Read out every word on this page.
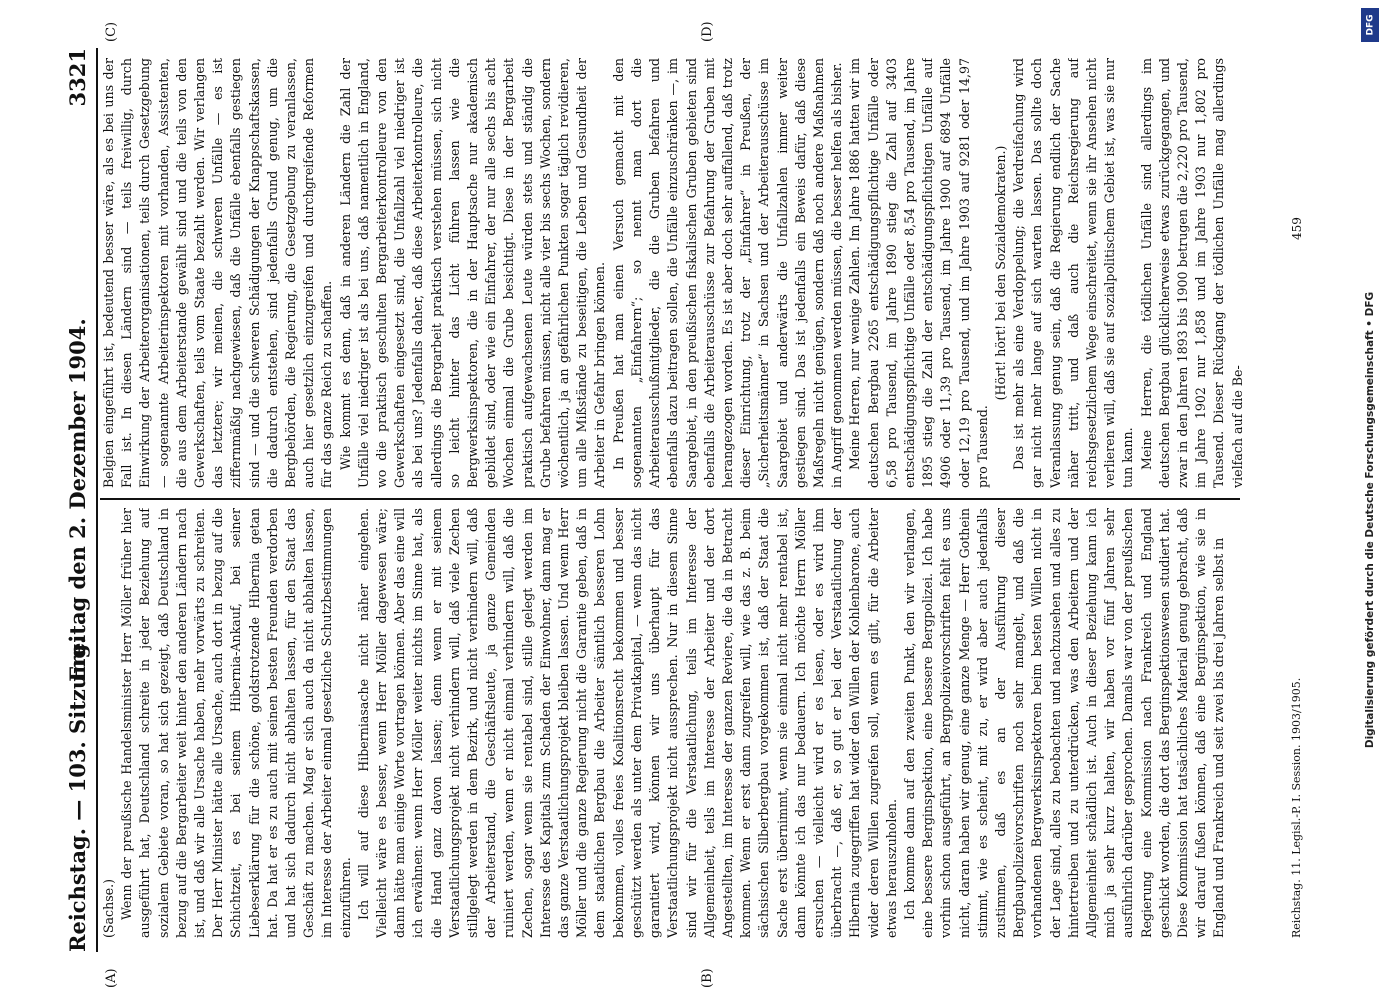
Reichstag. — 103. Sitzung.
Freitag den 2. Dezember 1904.
3321
(A)	(B)
(C)	(D)

(Sachse.) Wenn der preußische Handelsminister Herr Möller früher hier ausgeführt hat, Deutschland schreite in jeder Beziehung auf sozialem Gebiete voran, so hat sich gezeigt, daß Deutschland in bezug auf die Bergarbeiter weit hinter den anderen Ländern nach ist, und daß wir alle Ursache haben, mehr vorwärts zu schreiten. Der Herr Minister hätte alle Ursache, auch dort in bezug auf die Schichtzeit, es bei seinem Hibernia-Ankauf, bei seiner Liebeserklärung für die schöne, goldstrotzende Hibernia getan hat. Da hat er es zu auch mit seinen besten Freunden verdorben und hat sich dadurch nicht abhalten lassen, für den Staat das Geschäft zu machen. Mag er sich auch da nicht abhalten lassen, im Interesse der Arbeiter einmal gesetzliche Schutzbestimmungen einzuführen. Ich will auf diese Hiberniasache nicht näher eingehen. Vielleicht wäre es besser, wenn Herr Möller dagewesen wäre; dann hätte man einige Worte vortragen können. Aber das eine will ich erwähnen: wenn Herr Möller weiter nichts im Sinne hat, als die Hand ganz davon lassen; denn wenn er mit seinem Verstaatlichungsprojekt nicht verhindern will, daß viele Zechen stillgelegt werden in dem Bezirk, und nicht verhindern will, daß der Arbeiterstand, die Geschäftsleute, ja ganze Gemeinden ruiniert werden, wenn er nicht einmal verhindern will, daß die Zechen, sogar wenn sie rentabel sind, stille gelegt werden im Interesse des Kapitals zum Schaden der Einwohner, dann mag er das ganze Verstaatlichungsprojekt bleiben lassen. Und wenn Herr Möller und die ganze Regierung nicht die Garantie geben, daß in dem staatlichen Bergbau die Arbeiter sämtlich besseren Lohn bekommen, volles freies Koalitionsrecht bekommen und besser geschützt werden als unter dem Privatkapital, — wenn das nicht garantiert wird, können wir uns überhaupt für das Verstaatlichungsprojekt nicht aussprechen. Nur in diesem Sinne sind wir für die Verstaatlichung, teils im Interesse der Allgemeinheit, teils im Interesse der Arbeiter und der dort Angestellten, im Interesse der ganzen Reviere, die da in Betracht kommen. Wenn er erst dann zugreifen will, wie das z. B. beim sächsischen Silberbergbau vorgekommen ist, daß der Staat die Sache erst übernimmt, wenn sie einmal nicht mehr rentabel ist, dann könnte ich das nur bedauern. Ich möchte Herrn Möller ersuchen — vielleicht wird er es lesen, oder es wird ihm überbracht —, daß er, so gut er bei der Verstaatlichung der Hibernia zugegriffen hat wider den Willen der Kohlenbarone, auch wider deren Willen zugreifen soll, wenn es gilt, für die Arbeiter etwas herauszuholen. Ich komme dann auf den zweiten Punkt, den wir verlangen, eine bessere Berginspektion, eine bessere Bergpolizei. Ich habe vorhin schon ausgeführt, an Bergpolizeivorschriften fehlt es uns nicht, daran haben wir genug, eine ganze Menge — Herr Gothein stimmt, wie es scheint, mit zu, er wird aber auch jedenfalls zustimmen, daß es an der Ausführung dieser Bergbaupolizeivorschriften noch sehr mangelt, und daß die vorhandenen Bergwerksinspektoren beim besten Willen nicht in der Lage sind, alles zu beobachten und nachzusehen und alles zu hintertreiben und zu unterdrücken, was den Arbeitern und der Allgemeinheit schädlich ist. Auch in dieser Beziehung kann ich mich ja sehr kurz halten, wir haben vor fünf Jahren sehr ausführlich darüber gesprochen. Damals war von der preußischen Regierung eine Kommission nach Frankreich und England geschickt worden, die dort das Berginspektionswesen studiert hat. Diese Kommission hat tatsächliches Material genug gebracht, daß wir darauf fußen können, daß eine Berginspektion, wie sie in England und Frankreich und seit zwei bis drei Jahren selbst in

Belgien eingeführt ist, bedeutend besser wäre, als es bei uns der Fall ist. In diesen Ländern sind — teils freiwillig, durch Einwirkung der Arbeiterorganisationen, teils durch Gesetzgebung — sogenannte Arbeiterinspektoren mit vorhanden, Assistenten, die aus dem Arbeiterstande gewählt sind und die teils von den Gewerkschaften, teils vom Staate bezahlt werden. Wir verlangen das letztere; wir meinen, die schweren Unfälle — es ist ziffernmäßig nachgewiesen, daß die Unfälle ebenfalls gestiegen sind — und die schweren Schädigungen der Knappschaftskassen, die dadurch entstehen, sind jedenfalls Grund genug, um die Bergbehörden, die Regierung, die Gesetzgebung zu veranlassen, auch hier gesetzlich einzugreifen und durchgreifende Reformen für das ganze Reich zu schaffen. Wie kommt es denn, daß in anderen Ländern die Zahl der Unfälle viel niedriger ist als bei uns, daß namentlich in England, wo die praktisch geschulten Bergarbeiterkontrolleure von den Gewerkschaften eingesetzt sind, die Unfallzahl viel niedriger ist als bei uns? Jedenfalls daher, daß diese Arbeiterkontrolleure, die allerdings die Bergarbeit praktisch verstehen müssen, sich nicht so leicht hinter das Licht führen lassen wie die Bergwerksinspektoren, die in der Hauptsache nur akademisch gebildet sind, oder wie ein Einfahrer, der nur alle sechs bis acht Wochen einmal die Grube besichtigt. Diese in der Bergarbeit praktisch aufgewachsenen Leute würden stets und ständig die Grube befahren müssen, nicht alle vier bis sechs Wochen, sondern wöchentlich, ja an gefährlichen Punkten sogar täglich revidieren, um alle Mißstände zu beseitigen, die Leben und Gesundheit der Arbeiter in Gefahr bringen können. In Preußen hat man einen Versuch gemacht mit den sogenannten „Einfahrern“; so nennt man dort die Arbeiterausschußmitglieder, die die Gruben befahren und ebenfalls dazu beitragen sollen, die Unfälle einzuschränken —, im Saargebiet, in den preußischen fiskalischen Gruben gebieten sind ebenfalls die Arbeiterausschüsse zur Befahrung der Gruben mit herangezogen worden. Es ist aber doch sehr auffallend, daß trotz dieser Einrichtung, trotz der „Einfahrer“ in Preußen, der „Sicherheitsmänner“ in Sachsen und der Arbeiterausschüsse im Saargebiet und anderwärts die Unfallzahlen immer weiter gestiegen sind. Das ist jedenfalls ein Beweis dafür, daß diese Maßregeln nicht genügen, sondern daß noch andere Maßnahmen in Angriff genommen werden müssen, die besser helfen als bisher. Meine Herren, nur wenige Zahlen. Im Jahre 1886 hatten wir im deutschen Bergbau 2265 entschädigungspflichtige Unfälle oder 6,58 pro Tausend, im Jahre 1890 stieg die Zahl auf 3403 entschädigungspflichtige Unfälle oder 8,54 pro Tausend, im Jahre 1895 stieg die Zahl der entschädigungspflichtigen Unfälle auf 4906 oder 11,39 pro Tausend, im Jahre 1900 auf 6894 Unfälle oder 12,19 pro Tausend, und im Jahre 1903 auf 9281 oder 14,97 pro Tausend.

(Hört! hört! bei den Sozialdemokraten.) Das ist mehr als eine Verdoppelung; die Verdreifachung wird gar nicht mehr lange auf sich warten lassen. Das sollte doch Veranlassung genug sein, daß die Regierung endlich der Sache näher tritt, und daß auch die Reichsregierung auf reichsgesetzlichem Wege einschreitet, wenn sie ihr Ansehen nicht verlieren will, daß sie auf sozialpolitischem Gebiet ist, was sie nur tun kann. Meine Herren, die tödlichen Unfälle sind allerdings im deutschen Bergbau glücklicherweise etwas zurückgegangen, und zwar in den Jahren 1893 bis 1900 betrugen die 2,220 pro Tausend, im Jahre 1902 nur 1,858 und im Jahre 1903 nur 1,802 pro Tausend. Dieser Rückgang der tödlichen Unfälle mag allerdings vielfach auf die Be-

Reichstag. 11. Legisl.-P. I. Session. 1903/1905.
459
DFG
Digitalisierung gefördert durch die Deutsche Forschungsgemeinschaft • DFG
